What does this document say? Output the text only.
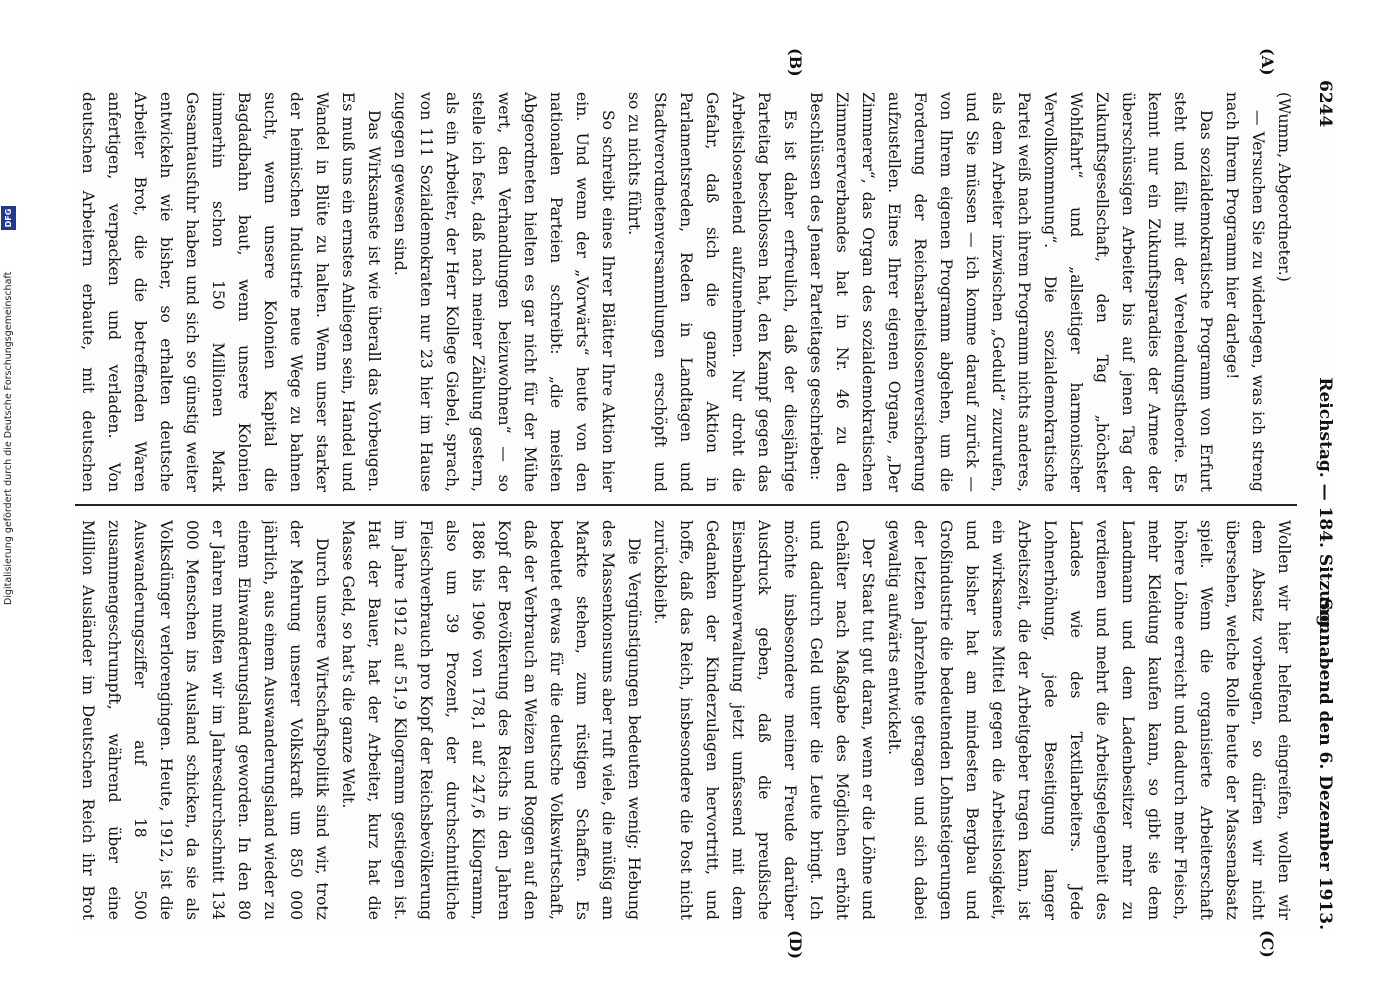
6244
Reichstag. — 184. Sitzung.
Sonnabend den 6. Dezember 1913.
(A)
(B)
(C)
(D)

(Wumm, Abgeordneter.)

— Versuchen Sie zu widerlegen, was ich streng nach Ihrem Programm hier darlege!

Das sozialdemokratische Programm von Erfurt steht und fällt mit der Verelendungstheorie. Es kennt nur ein Zukunftsparadies der Armee der überschüssigen Arbeiter bis auf jenen Tag der Zukunftsgesellschaft, den Tag „höchster Wohlfahrt“ und „allseitiger harmonischer Vervollkommnung“. Die sozialdemokratische Partei weiß nach ihrem Programm nichts anderes, als dem Arbeiter inzwischen „Geduld“ zuzurufen, und Sie müssen — ich komme darauf zurück — von Ihrem eigenen Programm abgehen, um die Forderung der Reichsarbeitslosenversicherung aufzustellen. Eines Ihrer eigenen Organe, „Der Zimmerer“, das Organ des sozialdemokratischen Zimmererverbandes hat in Nr. 46 zu den Beschlüssen des Jenaer Parteitages geschrieben:

Es ist daher erfreulich, daß der diesjährige Parteitag beschlossen hat, den Kampf gegen das Arbeitslosenelend aufzunehmen. Nur droht die Gefahr, daß sich die ganze Aktion in Parlamentsreden, Reden in Landtagen und Stadtverordnetenversammlungen erschöpft und so zu nichts führt.

So schreibt eines Ihrer Blätter Ihre Aktion hier ein. Und wenn der „Vorwärts“ heute von den nationalen Parteien schreibt: „die meisten Abgeordneten hielten es gar nicht für der Mühe wert, den Verhandlungen beizuwohnen“ — so stelle ich fest, daß nach meiner Zählung gestern, als ein Arbeiter, der Herr Kollege Giebel, sprach, von 111 Sozialdemokraten nur 23 hier im Hause zugegen gewesen sind.

Das Wirksamste ist wie überall das Vorbeugen. Es muß uns ein ernstes Anliegen sein, Handel und Wandel in Blüte zu halten. Wenn unser starker der heimischen Industrie neue Wege zu bahnen sucht, wenn unsere Kolonien Kapital die Bagdadbahn baut, wenn unsere Kolonien immerhin schon 150 Millionen Mark Gesamtausfuhr haben und sich so günstig weiter entwickeln wie bisher, so erhalten deutsche Arbeiter Brot, die die betreffenden Waren anfertigen, verpacken und verladen. Von deutschen Arbeitern erbaute, mit deutschen

Wollen wir hier helfend eingreifen, wollen wir dem Absatz vorbeugen, so dürfen wir nicht übersehen, welche Rolle heute der Massenabsatz spielt. Wenn die organisierte Arbeiterschaft höhere Löhne erreicht und dadurch mehr Fleisch, mehr Kleidung kaufen kann, so gibt sie dem Landmann und dem Ladenbesitzer mehr zu verdienen und mehrt die Arbeitsgelegenheit des Landes wie des Textilarbeiters. Jede Lohnerhöhung, jede Beseitigung langer Arbeitszeit, die der Arbeitgeber tragen kann, ist ein wirksames Mittel gegen die Arbeitslosigkeit, und bisher hat am mindesten Bergbau und Großindustrie die bedeutenden Lohnsteigerungen der letzten Jahrzehnte getragen und sich dabei gewaltig aufwärts entwickelt.

Der Staat tut gut daran, wenn er die Löhne und Gehälter nach Maßgabe des Möglichen erhöht und dadurch Geld unter die Leute bringt. Ich möchte insbesondere meiner Freude darüber Ausdruck geben, daß die preußische Eisenbahnverwaltung jetzt umfassend mit dem Gedanken der Kinderzulagen hervortritt, und hoffe, daß das Reich, insbesondere die Post nicht zurückbleibt.

Die Vergünstigungen bedeuten wenig; Hebung des Massenkonsums aber ruft viele, die müßig am Markte stehen, zum rüstigen Schaffen. Es bedeutet etwas für die deutsche Volkswirtschaft, daß der Verbrauch an Weizen und Roggen auf den Kopf der Bevölkerung des Reichs in den Jahren 1886 bis 1906 von 178,1 auf 247,6 Kilogramm, also um 39 Prozent, der durchschnittliche Fleischverbrauch pro Kopf der Reichsbevölkerung im Jahre 1912 auf 51,9 Kilogramm gestiegen ist. Hat der Bauer, hat der Arbeiter, kurz hat die Masse Geld, so hat's die ganze Welt.

Durch unsere Wirtschaftspolitik sind wir, trotz der Mehrung unserer Volkskraft um 850 000 jährlich, aus einem Auswanderungsland wieder zu einem Einwanderungsland geworden. In den 80 er Jahren mußten wir im Jahresdurchschnitt 134 000 Menschen ins Ausland schicken, da sie als Volksdünger verlorengingen. Heute, 1912, ist die Auswanderungsziffer auf 18 500 zusammengeschrumpft, während über eine Million Ausländer im Deutschen Reich ihr Brot

Digitalisierung gefördert durch die Deutsche Forschungsgemeinschaft
DFG
